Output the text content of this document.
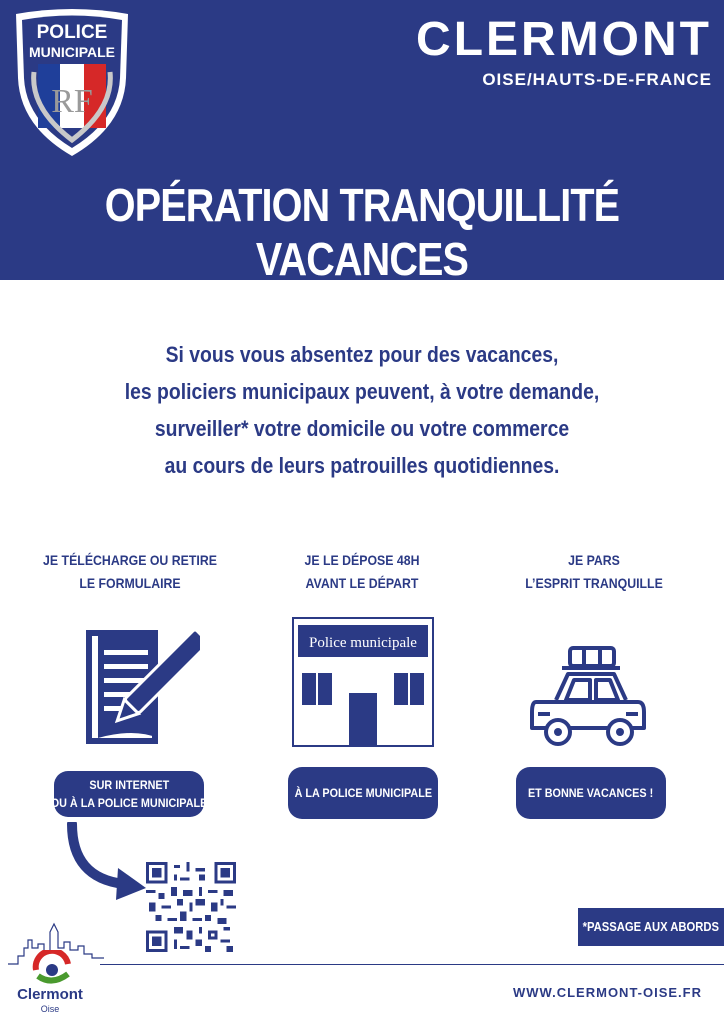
POLICE
MUNICIPALE
RF
CLERMONT
OISE/HAUTS-DE-FRANCE
OPÉRATION TRANQUILLITÉ VACANCES
Si vous vous absentez pour des vacances,
les policiers municipaux peuvent, à votre demande,
surveiller* votre domicile ou votre commerce
au cours de leurs patrouilles quotidiennes.
JE TÉLÉCHARGE OU RETIRE
LE FORMULAIRE
SUR INTERNET
OU À LA POLICE MUNICIPALE
JE LE DÉPOSE 48H
AVANT LE DÉPART
Police municipale
À LA POLICE MUNICIPALE
JE PARS
L’ESPRIT TRANQUILLE
ET BONNE VACANCES !
*PASSAGE AUX ABORDS
Clermont
Oise
WWW.CLERMONT-OISE.FR
